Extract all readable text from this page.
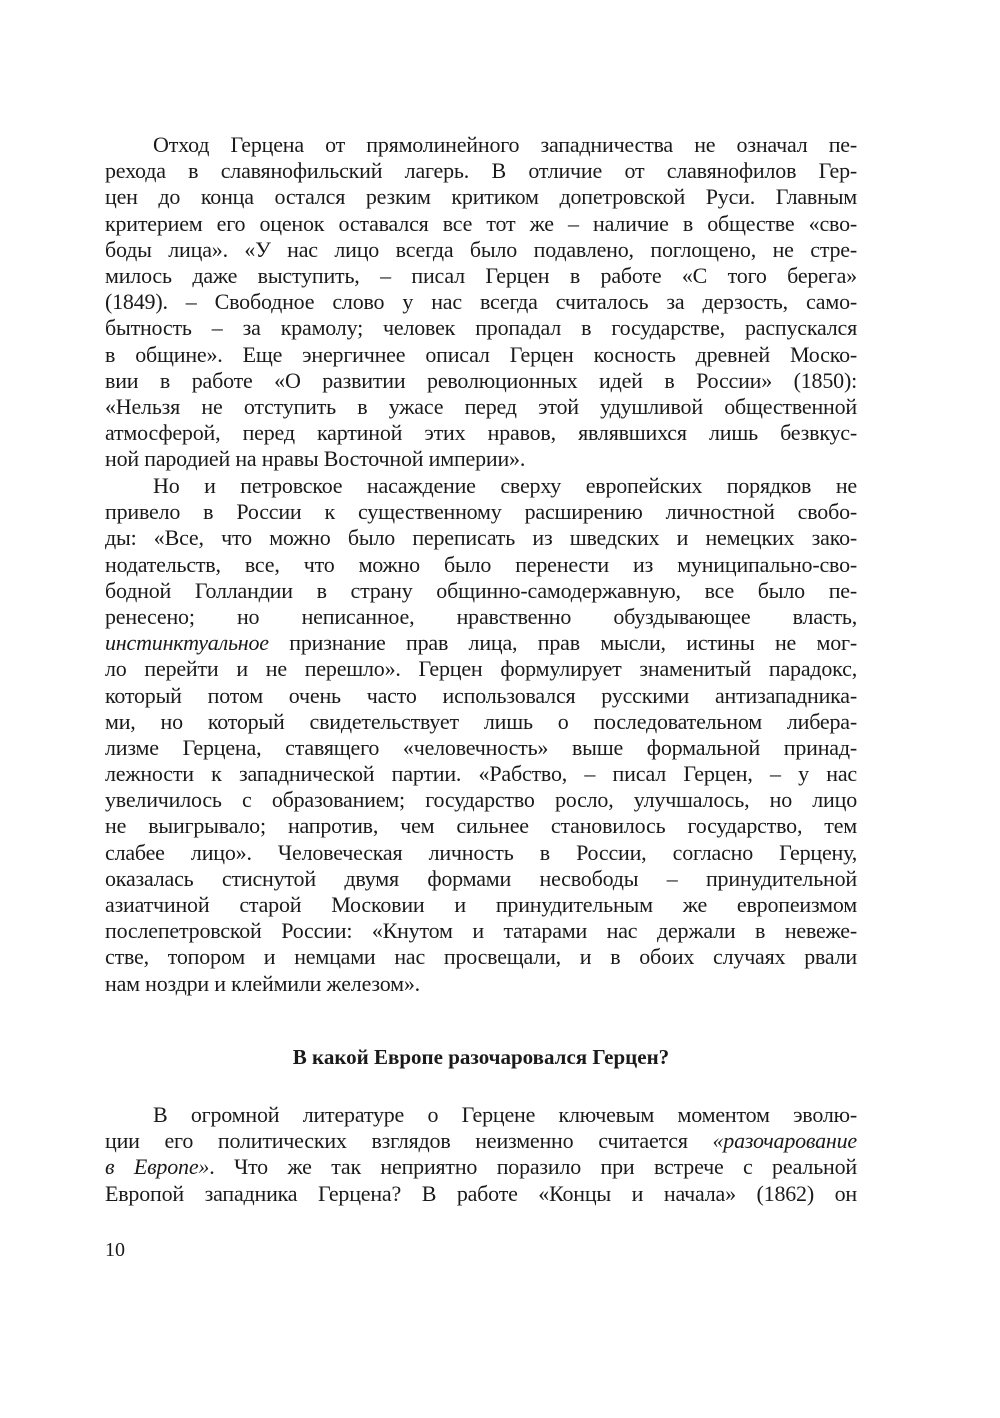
Отход Герцена от прямолинейного западничества не означал пе-
рехода в славянофильский лагерь. В отличие от славянофилов Гер-
цен до конца остался резким критиком допетровской Руси. Главным
критерием его оценок оставался все тот же – наличие в обществе «сво-
боды лица». «У нас лицо всегда было подавлено, поглощено, не стре-
милось даже выступить, – писал Герцен в работе «С того берега»
(1849). – Свободное слово у нас всегда считалось за дерзость, само-
бытность – за крамолу; человек пропадал в государстве, распускался
в общине». Еще энергичнее описал Герцен косность древней Моско-
вии в работе «О развитии революционных идей в России» (1850):
«Нельзя не отступить в ужасе перед этой удушливой общественной
атмосферой, перед картиной этих нравов, являвшихся лишь безвкус-
ной пародией на нравы Восточной империи».
Но и петровское насаждение сверху европейских порядков не
привело в России к существенному расширению личностной свобо-
ды: «Все, что можно было переписать из шведских и немецких зако-
нодательств, все, что можно было перенести из муниципально-сво-
бодной Голландии в страну общинно-самодержавную, все было пе-
ренесено; но неписанное, нравственно обуздывающее власть,
инстинктуальное признание прав лица, прав мысли, истины не мог-
ло перейти и не перешло». Герцен формулирует знаменитый парадокс,
который потом очень часто использовался русскими антизападника-
ми, но который свидетельствует лишь о последовательном либера-
лизме Герцена, ставящего «человечность» выше формальной принад-
лежности к западнической партии. «Рабство, – писал Герцен, – у нас
увеличилось с образованием; государство росло, улучшалось, но лицо
не выигрывало; напротив, чем сильнее становилось государство, тем
слабее лицо». Человеческая личность в России, согласно Герцену,
оказалась стиснутой двумя формами несвободы – принудительной
азиатчиной старой Московии и принудительным же европеизмом
послепетровской России: «Кнутом и татарами нас держали в невеже-
стве, топором и немцами нас просвещали, и в обоих случаях рвали
нам ноздри и клеймили железом».
В какой Европе разочаровался Герцен?
В огромной литературе о Герцене ключевым моментом эволю-
ции его политических взглядов неизменно считается «разочарование
в Европе». Что же так неприятно поразило при встрече с реальной
Европой западника Герцена? В работе «Концы и начала» (1862) он
10
